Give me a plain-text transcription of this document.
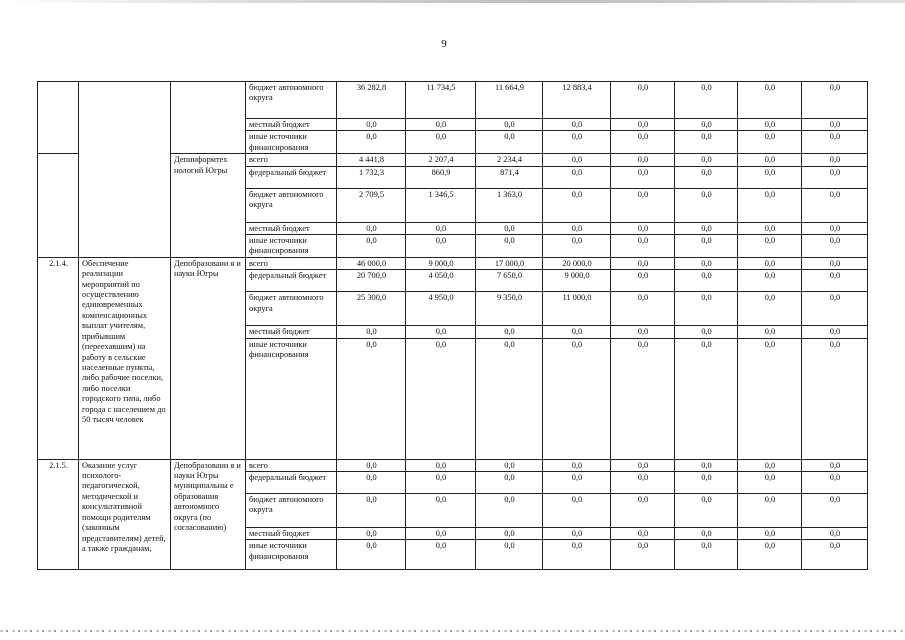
9
			бюджет автономного округа	36 282,8	11 734,5	11 664,9	12 883,4	0,0	0,0	0,0	0,0
			местный бюджет	0,0	0,0	0,0	0,0	0,0	0,0	0,0	0,0
			иные источники финансирования	0,0	0,0	0,0	0,0	0,0	0,0	0,0	0,0
		Депинформтех нологий Югры	всего	4 441,8	2 207,4	2 234,4	0,0	0,0	0,0	0,0	0,0
			федеральный бюджет	1 732,3	860,9	871,4	0,0	0,0	0,0	0,0	0,0
			бюджет автономного округа	2 709,5	1 346,5	1 363,0	0,0	0,0	0,0	0,0	0,0
			местный бюджет	0,0	0,0	0,0	0,0	0,0	0,0	0,0	0,0
			иные источники финансирования	0,0	0,0	0,0	0,0	0,0	0,0	0,0	0,0
2.1.4.	Обеспечение реализации мероприятий по осуществлению единовременных компенсационных выплат учителям, прибывшим (переехавшим) на работу в сельские населенные пункты, либо рабочие поселки, либо поселки городского типа, либо города с населением до 50 тысяч человек	Депобразовани я и науки Югры	всего	46 000,0	9 000,0	17 000,0	20 000,0	0,0	0,0	0,0	0,0
			федеральный бюджет	20 700,0	4 050,0	7 650,0	9 000,0	0,0	0,0	0,0	0,0
			бюджет автономного округа	25 300,0	4 950,0	9 350,0	11 000,0	0,0	0,0	0,0	0,0
			местный бюджет	0,0	0,0	0,0	0,0	0,0	0,0	0,0	0,0
			иные источники финансирования	0,0	0,0	0,0	0,0	0,0	0,0	0,0	0,0
2.1.5.	Оказание услуг психолого-педагогической, методической и консультативной помощи родителям (законным представителям) детей, а также гражданам,	Депобразовани я и науки Югры муниципальны е образования автономного округа (по согласованию)	всего	0,0	0,0	0,0	0,0	0,0	0,0	0,0	0,0
			федеральный бюджет	0,0	0,0	0,0	0,0	0,0	0,0	0,0	0,0
			бюджет автономного округа	0,0	0,0	0,0	0,0	0,0	0,0	0,0	0,0
			местный бюджет	0,0	0,0	0,0	0,0	0,0	0,0	0,0	0,0
			иные источники финансирования	0,0	0,0	0,0	0,0	0,0	0,0	0,0	0,0
